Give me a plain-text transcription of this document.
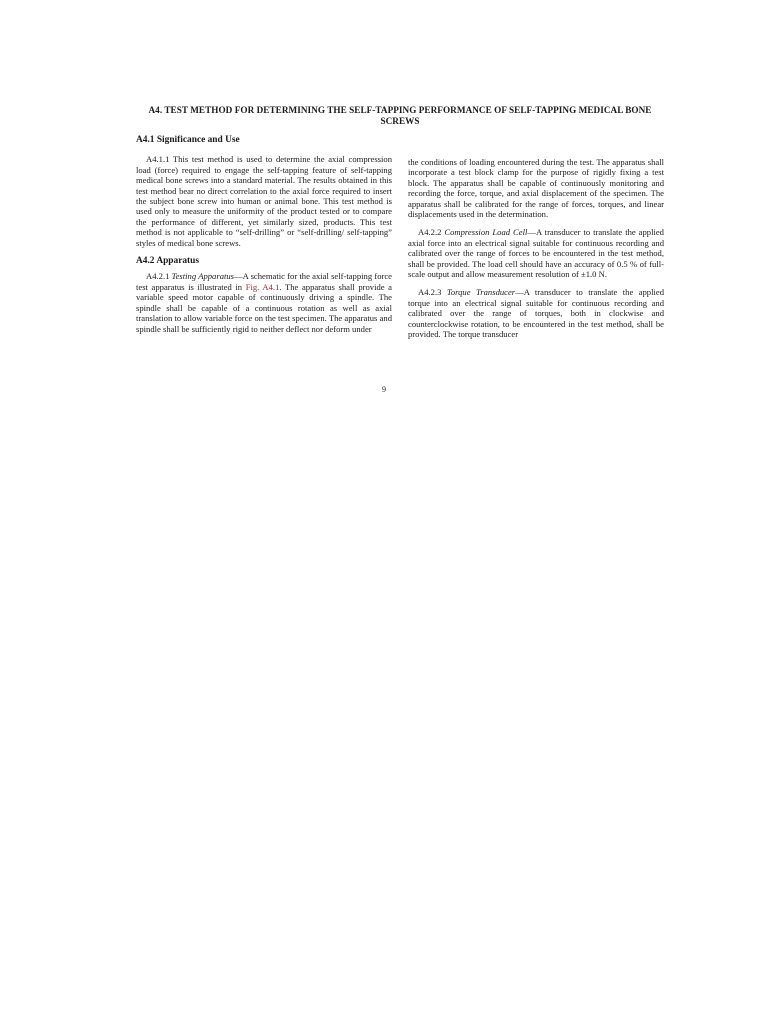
A4. TEST METHOD FOR DETERMINING THE SELF-TAPPING PERFORMANCE OF SELF-TAPPING MEDICAL BONE SCREWS
A4.1 Significance and Use

A4.1.1 This test method is used to determine the axial compression load (force) required to engage the self-tapping feature of self-tapping medical bone screws into a standard material. The results obtained in this test method bear no direct correlation to the axial force required to insert the subject bone screw into human or animal bone. This test method is used only to measure the uniformity of the product tested or to compare the performance of different, yet similarly sized, products. This test method is not applicable to “self-drilling” or “self-drilling/ self-tapping” styles of medical bone screws.

A4.2 Apparatus

A4.2.1 Testing Apparatus—A schematic for the axial self-tapping force test apparatus is illustrated in Fig. A4.1. The apparatus shall provide a variable speed motor capable of continuously driving a spindle. The spindle shall be capable of a continuous rotation as well as axial translation to allow variable force on the test specimen. The apparatus and spindle shall be sufficiently rigid to neither deflect nor deform under

the conditions of loading encountered during the test. The apparatus shall incorporate a test block clamp for the purpose of rigidly fixing a test block. The apparatus shall be capable of continuously monitoring and recording the force, torque, and axial displacement of the specimen. The apparatus shall be calibrated for the range of forces, torques, and linear displacements used in the determination.

A4.2.2 Compression Load Cell—A transducer to translate the applied axial force into an electrical signal suitable for continuous recording and calibrated over the range of forces to be encountered in the test method, shall be provided. The load cell should have an accuracy of 0.5 % of full-scale output and allow measurement resolution of ±1.0 N.

A4.2.3 Torque Transducer—A transducer to translate the applied torque into an electrical signal suitable for continuous recording and calibrated over the range of torques, both in clockwise and counterclockwise rotation, to be encountered in the test method, shall be provided. The torque transducer

9
